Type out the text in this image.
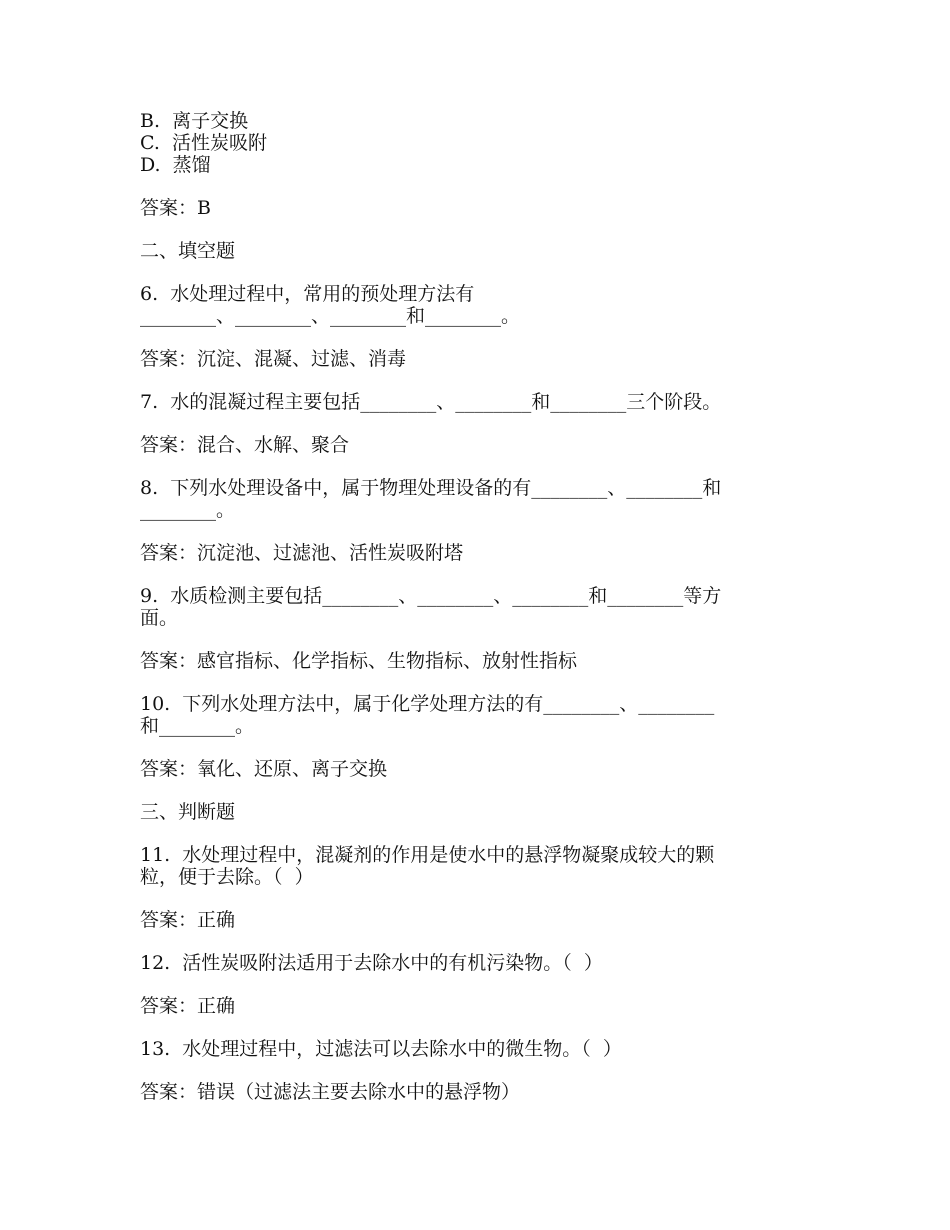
B.  离子交换
C.  活性炭吸附
D.  蒸馏
答案：B
二、填空题
6.  水处理过程中，常用的预处理方法有
________、________、________和________。
答案：沉淀、混凝、过滤、消毒
7.  水的混凝过程主要包括________、________和________三个阶段。
答案：混合、水解、聚合
8.  下列水处理设备中，属于物理处理设备的有________、________和
________。
答案：沉淀池、过滤池、活性炭吸附塔
9.  水质检测主要包括________、________、________和________等方
面。
答案：感官指标、化学指标、生物指标、放射性指标
10.  下列水处理方法中，属于化学处理方法的有________、________
和________。
答案：氧化、还原、离子交换
三、判断题
11.  水处理过程中，混凝剂的作用是使水中的悬浮物凝聚成较大的颗
粒，便于去除。（  ）
答案：正确
12.  活性炭吸附法适用于去除水中的有机污染物。（  ）
答案：正确
13.  水处理过程中，过滤法可以去除水中的微生物。（  ）
答案：错误（过滤法主要去除水中的悬浮物）
